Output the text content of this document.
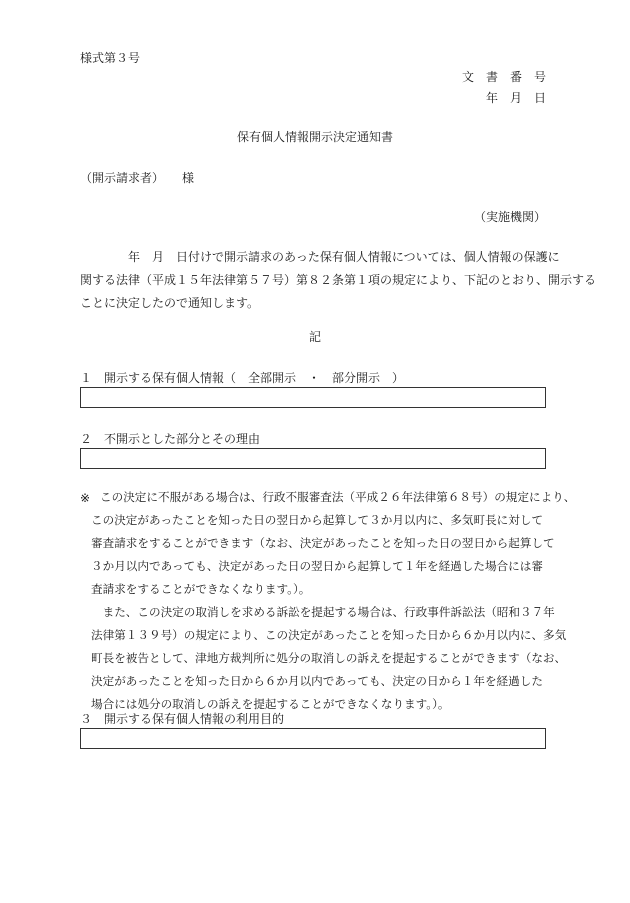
様式第３号
文　書　番　号
年　月　日
保有個人情報開示決定通知書
（開示請求者）　　様
（実施機関）
　　　　年　月　日付けで開示請求のあった保有個人情報については、個人情報の保護に
関する法律（平成１５年法律第５７号）第８２条第１項の規定により、下記のとおり、開示する
ことに決定したので通知します。
記
１　開示する保有個人情報（　全部開示　・　部分開示　）
２　不開示とした部分とその理由
※ この決定に不服がある場合は、行政不服審査法（平成２６年法律第６８号）の規定により、
この決定があったことを知った日の翌日から起算して３か月以内に、多気町長に対して
審査請求をすることができます（なお、決定があったことを知った日の翌日から起算して
３か月以内であっても、決定があった日の翌日から起算して１年を経過した場合には審
査請求をすることができなくなります。）。
　また、この決定の取消しを求める訴訟を提起する場合は、行政事件訴訟法（昭和３７年
法律第１３９号）の規定により、この決定があったことを知った日から６か月以内に、多気
町長を被告として、津地方裁判所に処分の取消しの訴えを提起することができます（なお、
決定があったことを知った日から６か月以内であっても、決定の日から１年を経過した
場合には処分の取消しの訴えを提起することができなくなります。）。
３　開示する保有個人情報の利用目的
